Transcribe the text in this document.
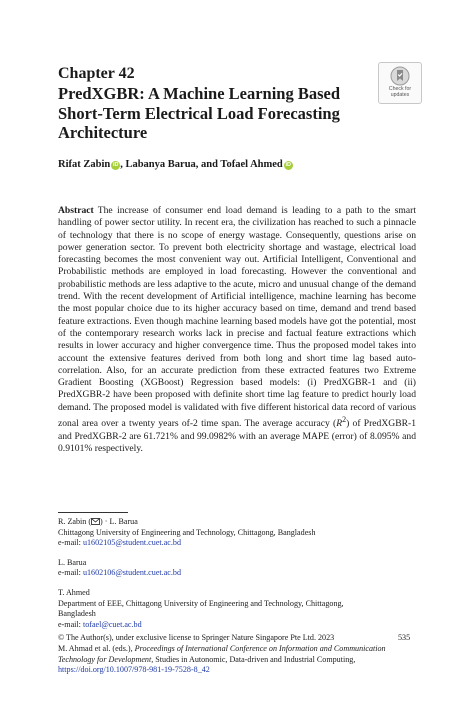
Chapter 42
PredXGBR: A Machine Learning Based
Short-Term Electrical Load Forecasting
Architecture
Check for
updates
Rifat Zabin iD , Labanya Barua, and Tofael Ahmed iD

Abstract The increase of consumer end load demand is leading to a path to the smart handling of power sector utility. In recent era, the civilization has reached to such a pinnacle of technology that there is no scope of energy wastage. Consequently, questions arise on power generation sector. To prevent both electricity shortage and wastage, electrical load forecasting becomes the most convenient way out. Artificial Intelligent, Conventional and Probabilistic methods are employed in load forecasting. However the conventional and probabilistic methods are less adaptive to the acute, micro and unusual change of the demand trend. With the recent development of Artificial intelligence, machine learning has become the most popular choice due to its higher accuracy based on time, demand and trend based feature extractions. Even though machine learning based models have got the potential, most of the contemporary research works lack in precise and factual feature extractions which results in lower accuracy and higher convergence time. Thus the proposed model takes into account the extensive features derived from both long and short time lag based auto-correlation. Also, for an accurate prediction from these extracted features two Extreme Gradient Boosting (XGBoost) Regression based models: (i) PredXGBR-1 and (ii) PredXGBR-2 have been proposed with definite short time lag feature to predict hourly load demand. The proposed model is validated with five different historical data record of various zonal area over a twenty years of-2 time span. The average accuracy $(R^2)$ of PredXGBR-1 and PredXGBR-2 are 61.721% and 99.0982% with an average MAPE (error) of 8.095% and 0.9101% respectively.

R. Zabin ( ) · L. Barua
Chittagong University of Engineering and Technology, Chittagong, Bangladesh
e-mail: u1602105@student.cuet.ac.bd
L. Barua
e-mail: u1602106@student.cuet.ac.bd
T. Ahmed
Department of EEE, Chittagong University of Engineering and Technology, Chittagong,
Bangladesh
e-mail: tofael@cuet.ac.bd
© The Author(s), under exclusive license to Springer Nature Singapore Pte Ltd. 2023
M. Ahmad et al. (eds.), Proceedings of International Conference on Information and Communication Technology for Development, Studies in Autonomic, Data-driven and Industrial Computing, https://doi.org/10.1007/978-981-19-7528-8_42
535
